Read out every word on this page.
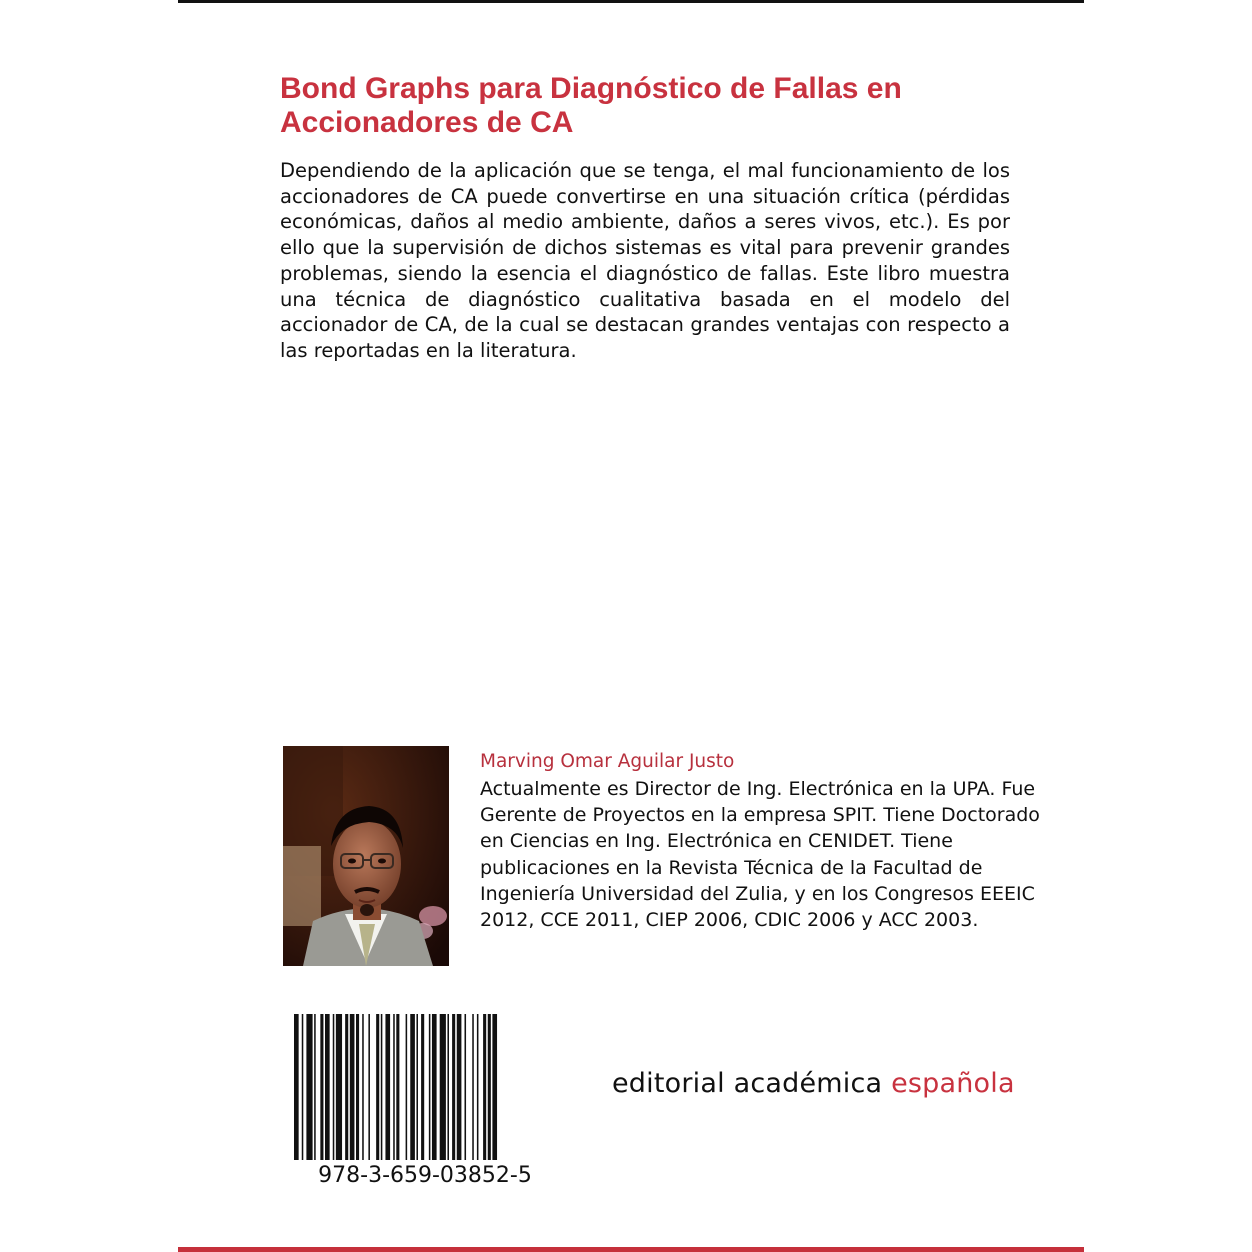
Bond Graphs para Diagnóstico de Fallas en Accionadores de CA

Dependiendo de la aplicación que se tenga, el mal funcionamiento de los accionadores de CA puede convertirse en una situación crítica (pérdidas económicas, daños al medio ambiente, daños a seres vivos, etc.). Es por ello que la supervisión de dichos sistemas es vital para prevenir grandes problemas, siendo la esencia el diagnóstico de fallas. Este libro muestra una técnica de diagnóstico cualitativa basada en el modelo del accionador de CA, de la cual se destacan grandes ventajas con respecto a las reportadas en la literatura.

Marving Omar Aguilar Justo

Actualmente es Director de Ing. Electrónica en la UPA. Fue Gerente de Proyectos en la empresa SPIT. Tiene Doctorado en Ciencias en Ing. Electrónica en CENIDET. Tiene publicaciones en la Revista Técnica de la Facultad de Ingeniería Universidad del Zulia, y en los Congresos EEEIC 2012, CCE 2011, CIEP 2006, CDIC 2006 y ACC 2003.

978-3-659-03852-5

editorial académica española
